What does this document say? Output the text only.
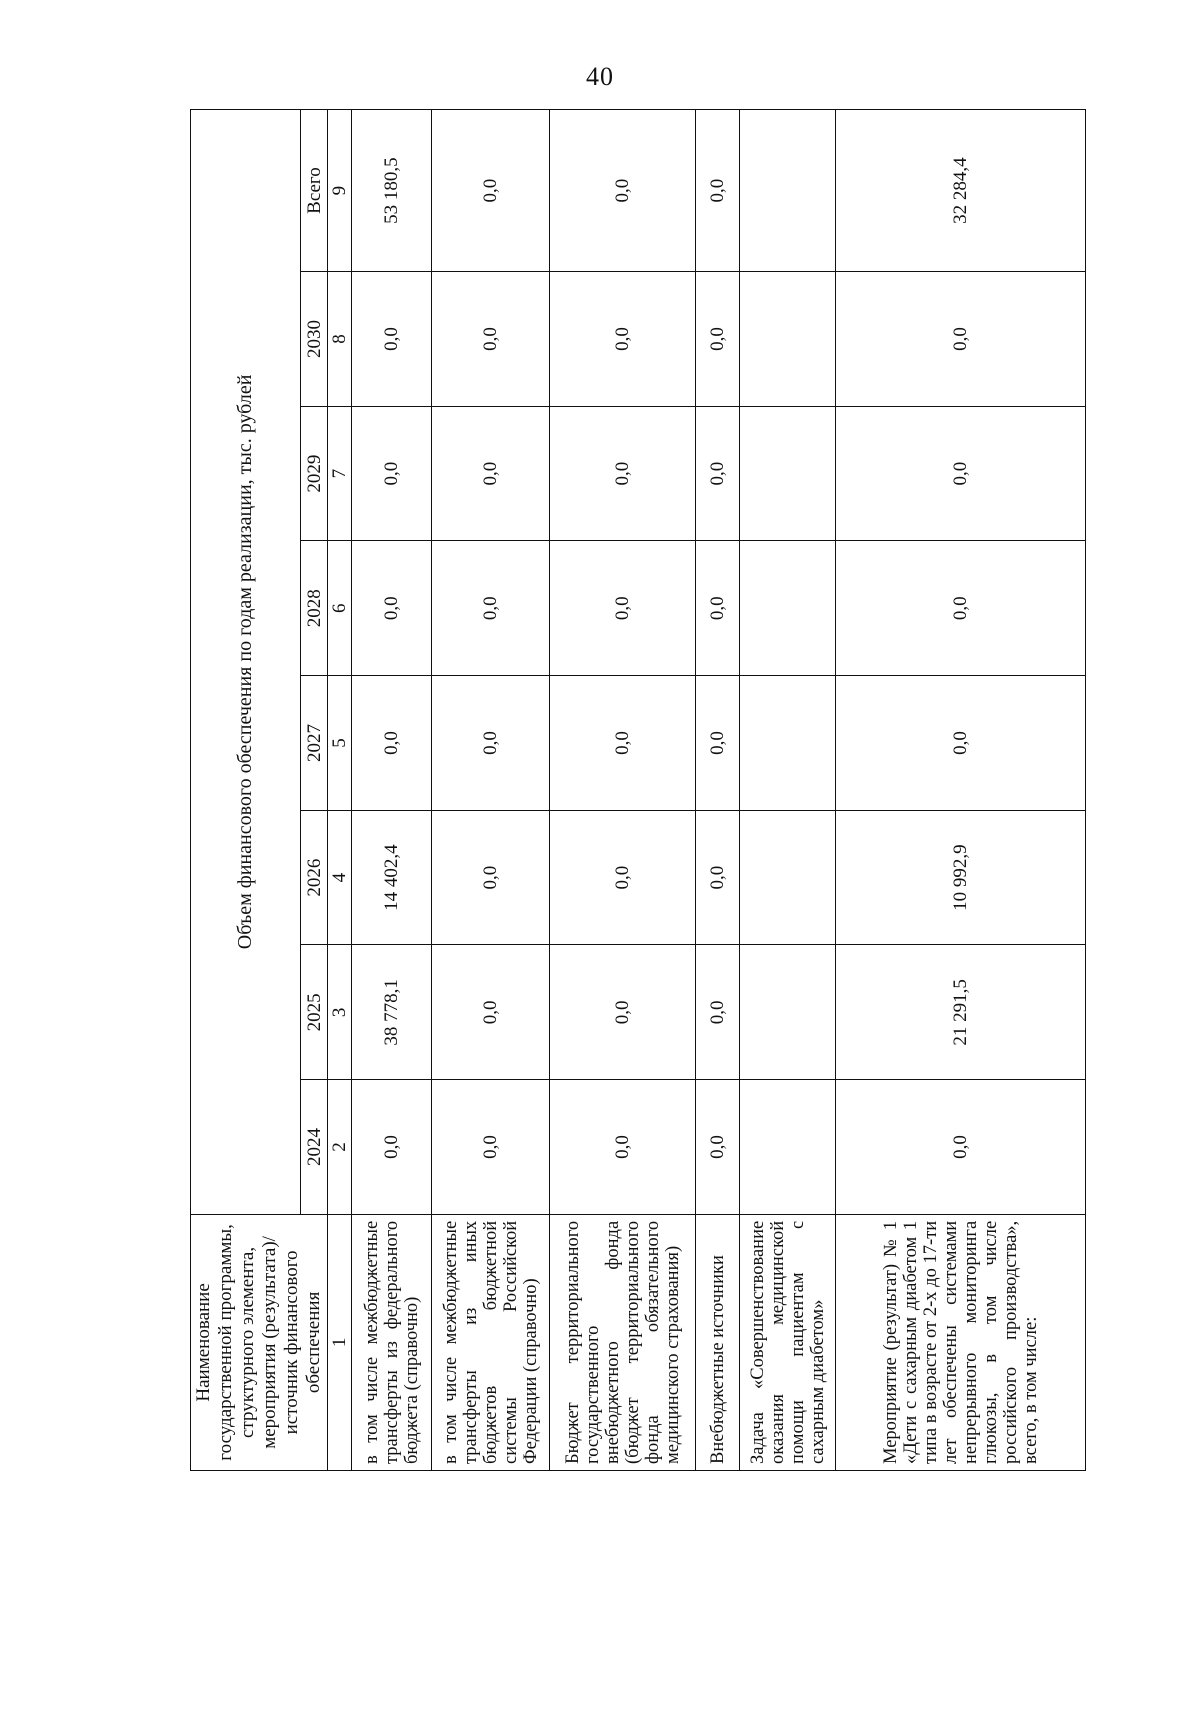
40
Наименование государственной программы, структурного элемента, мероприятия (результата)/источник финансового обеспечения	Объем финансового обеспечения по годам реализации, тыс. рублей							
	2024	2025	2026	2027	2028	2029	2030	Всего
1	2	3	4	5	6	7	8	9
в том числе межбюджетные трансферты из федерального бюджета (справочно)	0,0	38 778,1	14 402,4	0,0	0,0	0,0	0,0	53 180,5
в том числе межбюджетные трансферты из иных бюджетов бюджетной системы Российской Федерации (справочно)	0,0	0,0	0,0	0,0	0,0	0,0	0,0	0,0
Бюджет территориального государственного внебюджетного фонда (бюджет территориального фонда обязательного медицинского страхования)	0,0	0,0	0,0	0,0	0,0	0,0	0,0	0,0
Внебюджетные источники	0,0	0,0	0,0	0,0	0,0	0,0	0,0	0,0
Задача «Совершенствование оказания медицинской помощи пациентам с сахарным диабетом»								
Мероприятие (результат) № 1 «Дети с сахарным диабетом 1 типа в возрасте от 2-х до 17-ти лет обеспечены системами непрерывного мониторинга глюкозы, в том числе российского производства», всего, в том числе:	0,0	21 291,5	10 992,9	0,0	0,0	0,0	0,0	32 284,4
